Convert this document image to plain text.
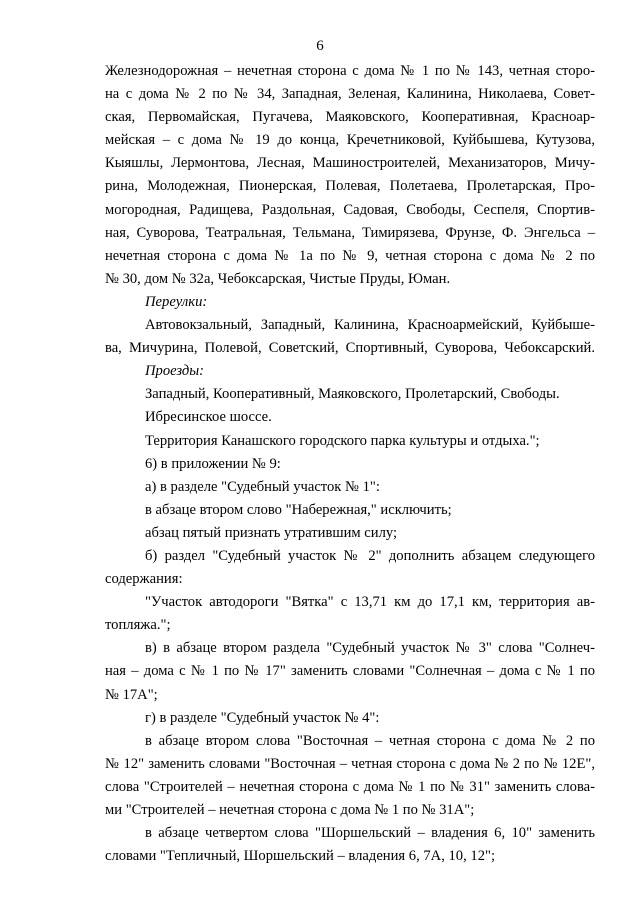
6
Железнодорожная – нечетная сторона с дома № 1 по № 143, четная сторо-
на с дома № 2 по № 34, Западная, Зеленая, Калинина, Николаева, Совет-
ская, Первомайская, Пугачева, Маяковского, Кооперативная, Красноар-
мейская – с дома № 19 до конца, Кречетниковой, Куйбышева, Кутузова,
Кыяшлы, Лермонтова, Лесная, Машиностроителей, Механизаторов, Мичу-
рина, Молодежная, Пионерская, Полевая, Полетаева, Пролетарская, Про-
могородная, Радищева, Раздольная, Садовая, Свободы, Сеспеля, Спортив-
ная, Суворова, Театральная, Тельмана, Тимирязева, Фрунзе, Ф. Энгельса –
нечетная сторона с дома № 1а по № 9, четная сторона с дома № 2 по
№ 30, дом № 32а, Чебоксарская, Чистые Пруды, Юман.
Переулки:
Автовокзальный, Западный, Калинина, Красноармейский, Куйбыше-
ва, Мичурина, Полевой, Советский, Спортивный, Суворова, Чебоксарский.
Проезды:
Западный, Кооперативный, Маяковского, Пролетарский, Свободы.
Ибресинское шоссе.
Территория Канашского городского парка культуры и отдыха.";
6) в приложении № 9:
а) в разделе "Судебный участок № 1":
в абзаце втором слово "Набережная," исключить;
абзац пятый признать утратившим силу;
б) раздел "Судебный участок № 2" дополнить абзацем следующего
содержания:
"Участок автодороги "Вятка" с 13,71 км до 17,1 км, территория ав-
топляжа.";
в) в абзаце втором раздела "Судебный участок № 3" слова "Солнеч-
ная – дома с № 1 по № 17" заменить словами "Солнечная – дома с № 1 по
№ 17А";
г) в разделе "Судебный участок № 4":
в абзаце втором слова "Восточная – четная сторона с дома № 2 по
№ 12" заменить словами "Восточная – четная сторона с дома № 2 по № 12Е",
слова "Строителей – нечетная сторона с дома № 1 по № 31" заменить слова-
ми "Строителей – нечетная сторона с дома № 1 по № 31А";
в абзаце четвертом слова "Шоршельский – владения 6, 10" заменить
словами "Тепличный, Шоршельский – владения 6, 7А, 10, 12";
